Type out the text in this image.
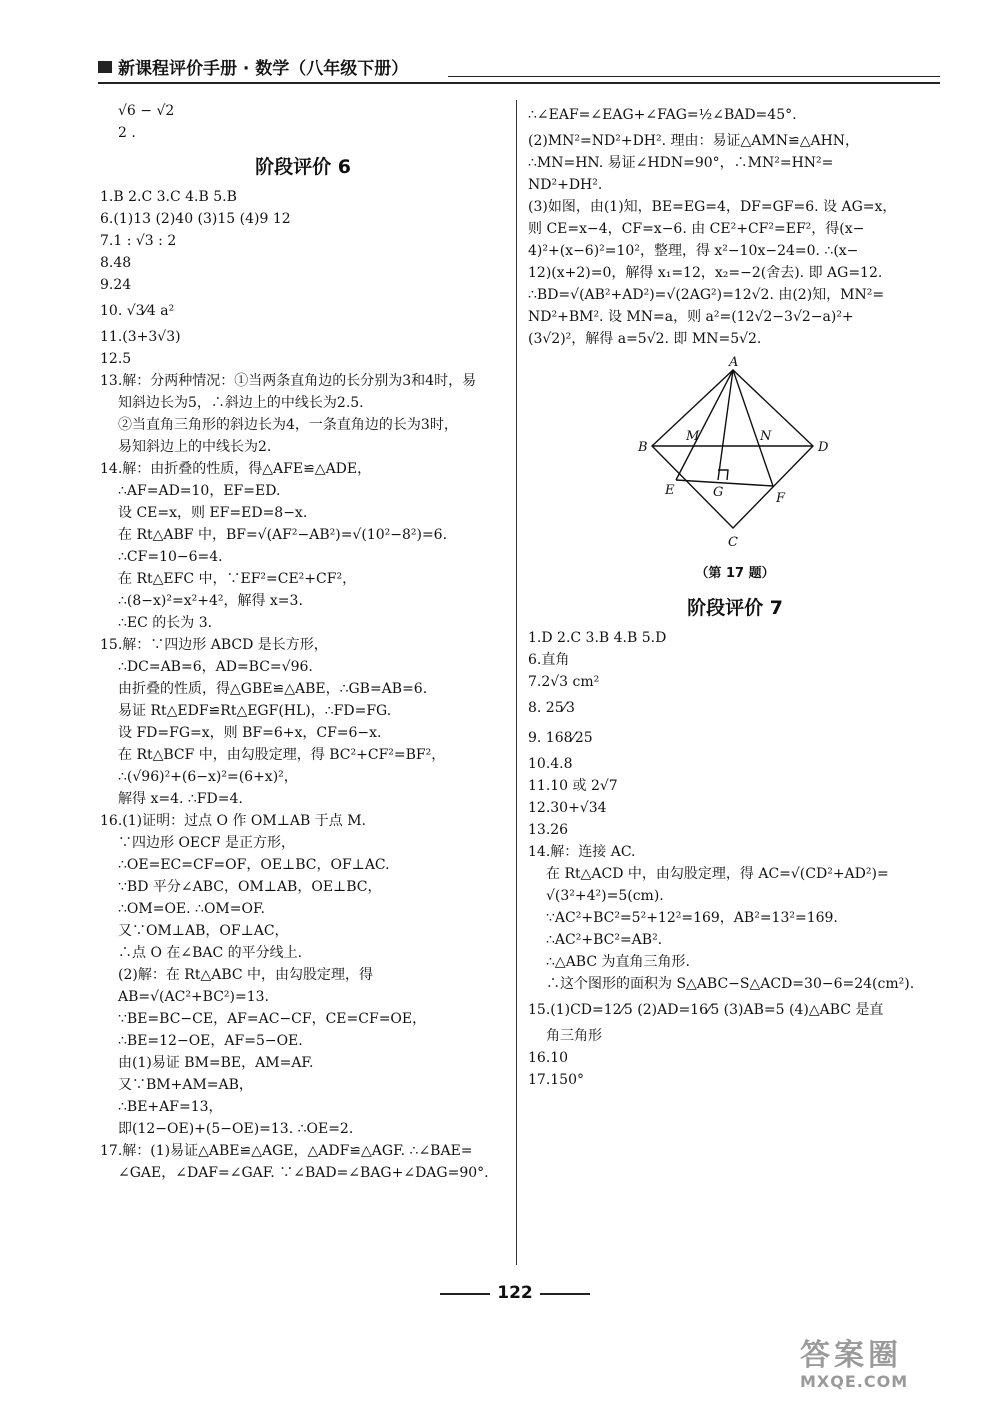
新课程评价手册 · 数学（八年级下册）
√6 − √2
2 .
阶段评价 6
1.B 2.C 3.C 4.B 5.B
6.(1)13 (2)40 (3)15 (4)9 12
7.1 : √3 : 2
8.48
9.24
10. √3⁄4 a²
11.(3+3√3)
12.5
13.解：分两种情况：①当两条直角边的长分别为3和4时，易
知斜边长为5，∴斜边上的中线长为2.5.
②当直角三角形的斜边长为4，一条直角边的长为3时，
易知斜边上的中线长为2.
14.解：由折叠的性质，得△AFE≌△ADE，
∴AF=AD=10，EF=ED.
设 CE=x，则 EF=ED=8−x.
在 Rt△ABF 中，BF=√(AF²−AB²)=√(10²−8²)=6.
∴CF=10−6=4.
在 Rt△EFC 中，∵EF²=CE²+CF²，
∴(8−x)²=x²+4²，解得 x=3.
∴EC 的长为 3.
15.解：∵四边形 ABCD 是长方形，
∴DC=AB=6，AD=BC=√96.
由折叠的性质，得△GBE≌△ABE，∴GB=AB=6.
易证 Rt△EDF≌Rt△EGF(HL)，∴FD=FG.
设 FD=FG=x，则 BF=6+x，CF=6−x.
在 Rt△BCF 中，由勾股定理，得 BC²+CF²=BF²，
∴(√96)²+(6−x)²=(6+x)²，
解得 x=4. ∴FD=4.
16.(1)证明：过点 O 作 OM⊥AB 于点 M.
∵四边形 OECF 是正方形，
∴OE=EC=CF=OF，OE⊥BC，OF⊥AC.
∵BD 平分∠ABC，OM⊥AB，OE⊥BC，
∴OM=OE. ∴OM=OF.
又∵OM⊥AB，OF⊥AC，
∴点 O 在∠BAC 的平分线上.
(2)解：在 Rt△ABC 中，由勾股定理，得
AB=√(AC²+BC²)=13.
∵BE=BC−CE，AF=AC−CF，CE=CF=OE，
∴BE=12−OE，AF=5−OE.
由(1)易证 BM=BE，AM=AF.
又∵BM+AM=AB，
∴BE+AF=13，
即(12−OE)+(5−OE)=13. ∴OE=2.
17.解：(1)易证△ABE≌△AGE，△ADF≌△AGF. ∴∠BAE=
∠GAE，∠DAF=∠GAF. ∵∠BAD=∠BAG+∠DAG=90°.
∴∠EAF=∠EAG+∠FAG=½∠BAD=45°.
(2)MN²=ND²+DH². 理由：易证△AMN≌△AHN，
∴MN=HN. 易证∠HDN=90°，∴MN²=HN²=
ND²+DH².
(3)如图，由(1)知，BE=EG=4，DF=GF=6. 设 AG=x，
则 CE=x−4，CF=x−6. 由 CE²+CF²=EF²，得(x−
4)²+(x−6)²=10²，整理，得 x²−10x−24=0. ∴(x−
12)(x+2)=0，解得 x₁=12，x₂=−2(舍去). 即 AG=12.
∴BD=√(AB²+AD²)=√(2AG²)=12√2. 由(2)知，MN²=
ND²+BM². 设 MN=a，则 a²=(12√2−3√2−a)²+
(3√2)²，解得 a=5√2. 即 MN=5√2.
A
B
C
D
E
F
G
M	N
（第 17 题）
阶段评价 7
1.D 2.C 3.B 4.B 5.D
6.直角
7.2√3 cm²
8. 25⁄3
9. 168⁄25
10.4.8
11.10 或 2√7
12.30+√34
13.26
14.解：连接 AC.
在 Rt△ACD 中，由勾股定理，得 AC=√(CD²+AD²)=
√(3²+4²)=5(cm).
∵AC²+BC²=5²+12²=169，AB²=13²=169.
∴AC²+BC²=AB².
∴△ABC 为直角三角形.
∴这个图形的面积为 S△ABC−S△ACD=30−6=24(cm²).
15.(1)CD=12⁄5 (2)AD=16⁄5 (3)AB=5 (4)△ABC 是直
角三角形
16.10
17.150°
122
答案圈
MXQE.COM
